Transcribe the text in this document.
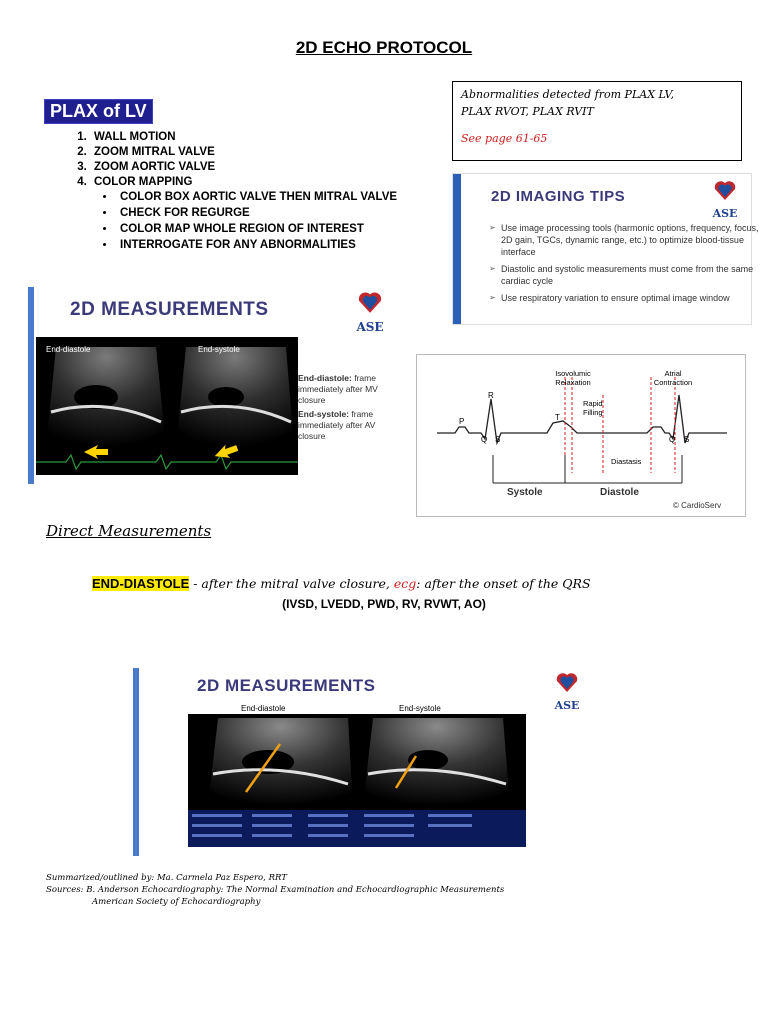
2D ECHO PROTOCOL
PLAX of LV
1. WALL MOTION
2. ZOOM MITRAL VALVE
3. ZOOM AORTIC VALVE
4. COLOR MAPPING
• COLOR BOX AORTIC VALVE THEN MITRAL VALVE
• CHECK FOR REGURGE
• COLOR MAP WHOLE REGION OF INTEREST
• INTERROGATE FOR ANY ABNORMALITIES
Abnormalities detected from PLAX LV,
PLAX RVOT, PLAX RVIT
See page 61-65
2D IMAGING TIPS
ASE
➢ Use image processing tools (harmonic options, frequency, focus, 2D gain, TGCs, dynamic range, etc.) to optimize blood-tissue interface
➢ Diastolic and systolic measurements must come from the same cardiac cycle
➢ Use respiratory variation to ensure optimal image window
2D MEASUREMENTS
ASE
End-diastole	End-systole
End-diastole: frame immediately after MV closure
End-systole: frame immediately after AV closure
Isovolumic Relaxation
Atrial Contraction
Rapid Filling
Diastasis
P
R
Q S
T
Q S
Systole	Diastole
© CardioServ
Direct Measurements
END-DIASTOLE - after the mitral valve closure, ecg: after the onset of the QRS
(IVSD, LVEDD, PWD, RV, RVWT, AO)
2D MEASUREMENTS
ASE
End-diastole	End-systole
Summarized/outlined by: Ma. Carmela Paz Espero, RRT
Sources: B. Anderson Echocardiography: The Normal Examination and Echocardiographic Measurements
American Society of Echocardiography
